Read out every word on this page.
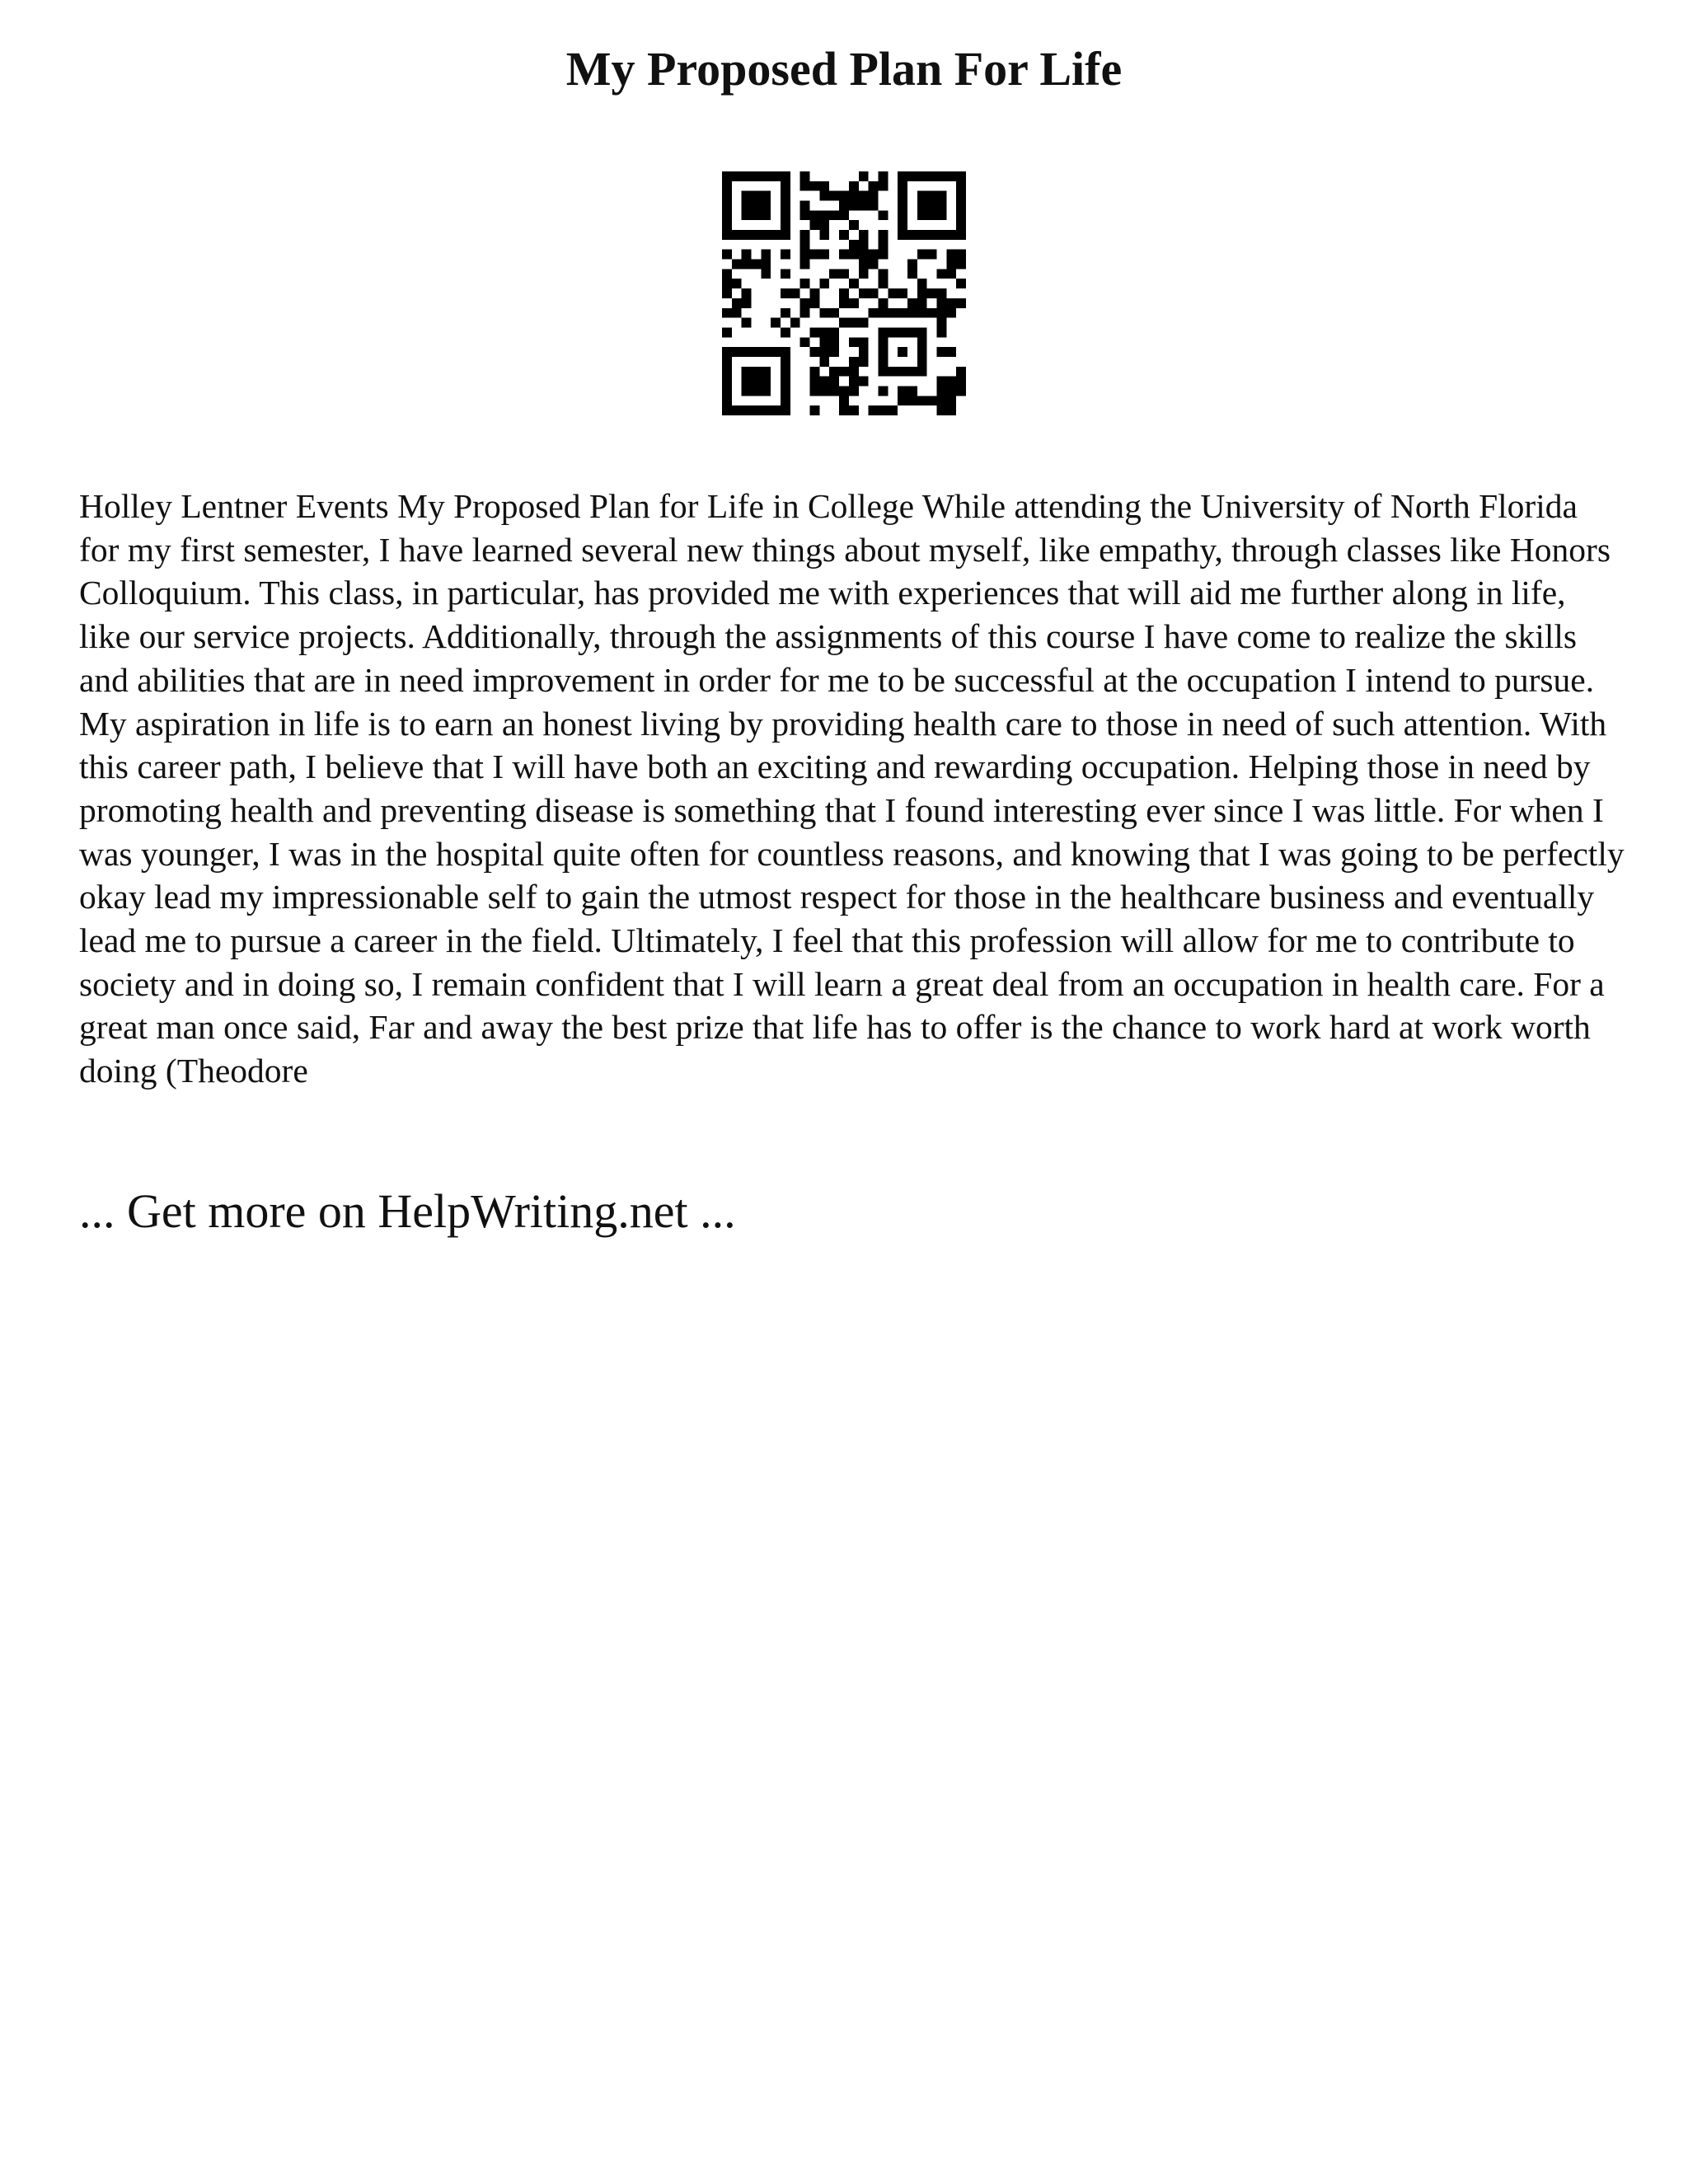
My Proposed Plan For Life

Holley Lentner Events My Proposed Plan for Life in College While attending the University of North Florida for my first semester, I have learned several new things about myself, like empathy, through classes like Honors Colloquium. This class, in particular, has provided me with experiences that will aid me further along in life, like our service projects. Additionally, through the assignments of this course I have come to realize the skills and abilities that are in need improvement in order for me to be successful at the occupation I intend to pursue. My aspiration in life is to earn an honest living by providing health care to those in need of such attention. With this career path, I believe that I will have both an exciting and rewarding occupation. Helping those in need by promoting health and preventing disease is something that I found interesting ever since I was little. For when I was younger, I was in the hospital quite often for countless reasons, and knowing that I was going to be perfectly okay lead my impressionable self to gain the utmost respect for those in the healthcare business and eventually lead me to pursue a career in the field. Ultimately, I feel that this profession will allow for me to contribute to society and in doing so, I remain confident that I will learn a great deal from an occupation in health care. For a great man once said, Far and away the best prize that life has to offer is the chance to work hard at work worth doing (Theodore

... Get more on HelpWriting.net ...
